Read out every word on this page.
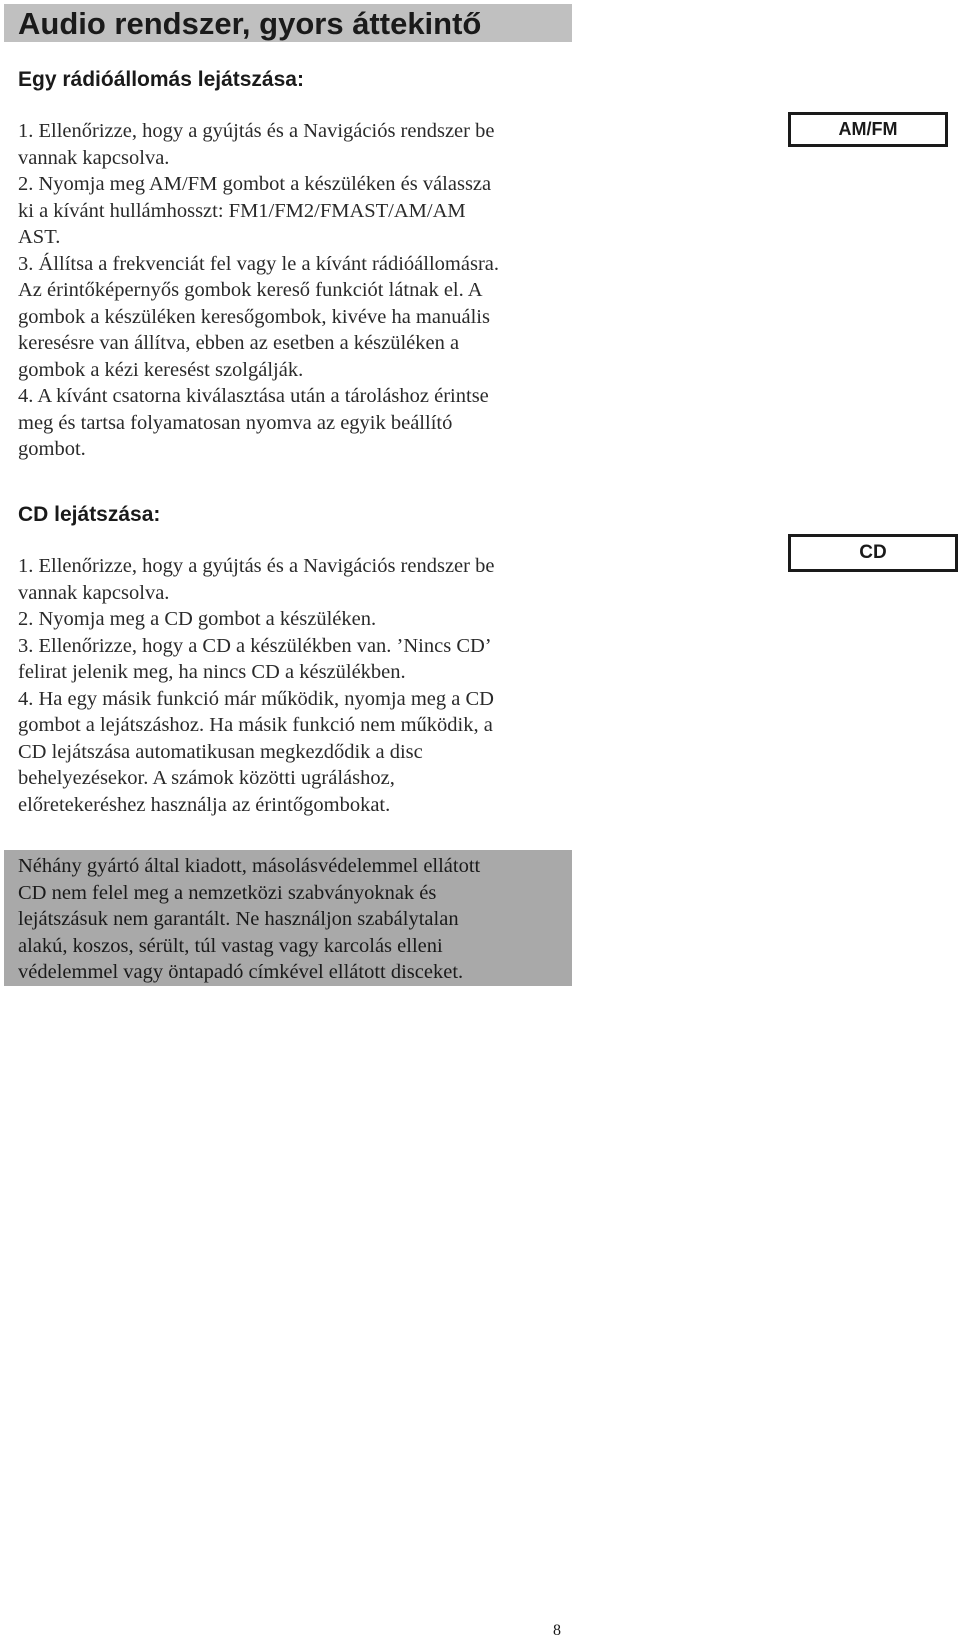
Audio rendszer, gyors áttekintő
Egy rádióállomás lejátszása:

1. Ellenőrizze, hogy a gyújtás és a Navigációs rendszer be

vannak kapcsolva.

2. Nyomja meg AM/FM gombot a készüléken és válassza

ki a kívánt hullámhosszt: FM1/FM2/FMAST/AM/AM

AST.

3. Állítsa a frekvenciát fel vagy le a kívánt rádióállomásra.

Az érintőképernyős gombok kereső funkciót látnak el. A

gombok a készüléken keresőgombok, kivéve ha manuális

keresésre van állítva, ebben az esetben a készüléken a

gombok a kézi keresést szolgálják.

4. A kívánt csatorna kiválasztása után a tároláshoz érintse

meg és tartsa folyamatosan nyomva az egyik beállító

gombot.

AM/FM
CD lejátszása:

1. Ellenőrizze, hogy a gyújtás és a Navigációs rendszer be

vannak kapcsolva.

2. Nyomja meg a CD gombot a készüléken.

3. Ellenőrizze, hogy a CD a készülékben van. ’Nincs CD’

felirat jelenik meg, ha nincs CD a készülékben.

4. Ha egy másik funkció már működik, nyomja meg a CD

gombot a lejátszáshoz. Ha másik funkció nem működik, a

CD lejátszása automatikusan megkezdődik a disc

behelyezésekor. A számok közötti ugráláshoz,

előretekeréshez használja az érintőgombokat.

CD
Néhány gyártó által kiadott, másolásvédelemmel ellátott
CD nem felel meg a nemzetközi szabványoknak és
lejátszásuk nem garantált. Ne használjon szabálytalan
alakú, koszos, sérült, túl vastag vagy karcolás elleni
védelemmel vagy öntapadó címkével ellátott disceket.
8
